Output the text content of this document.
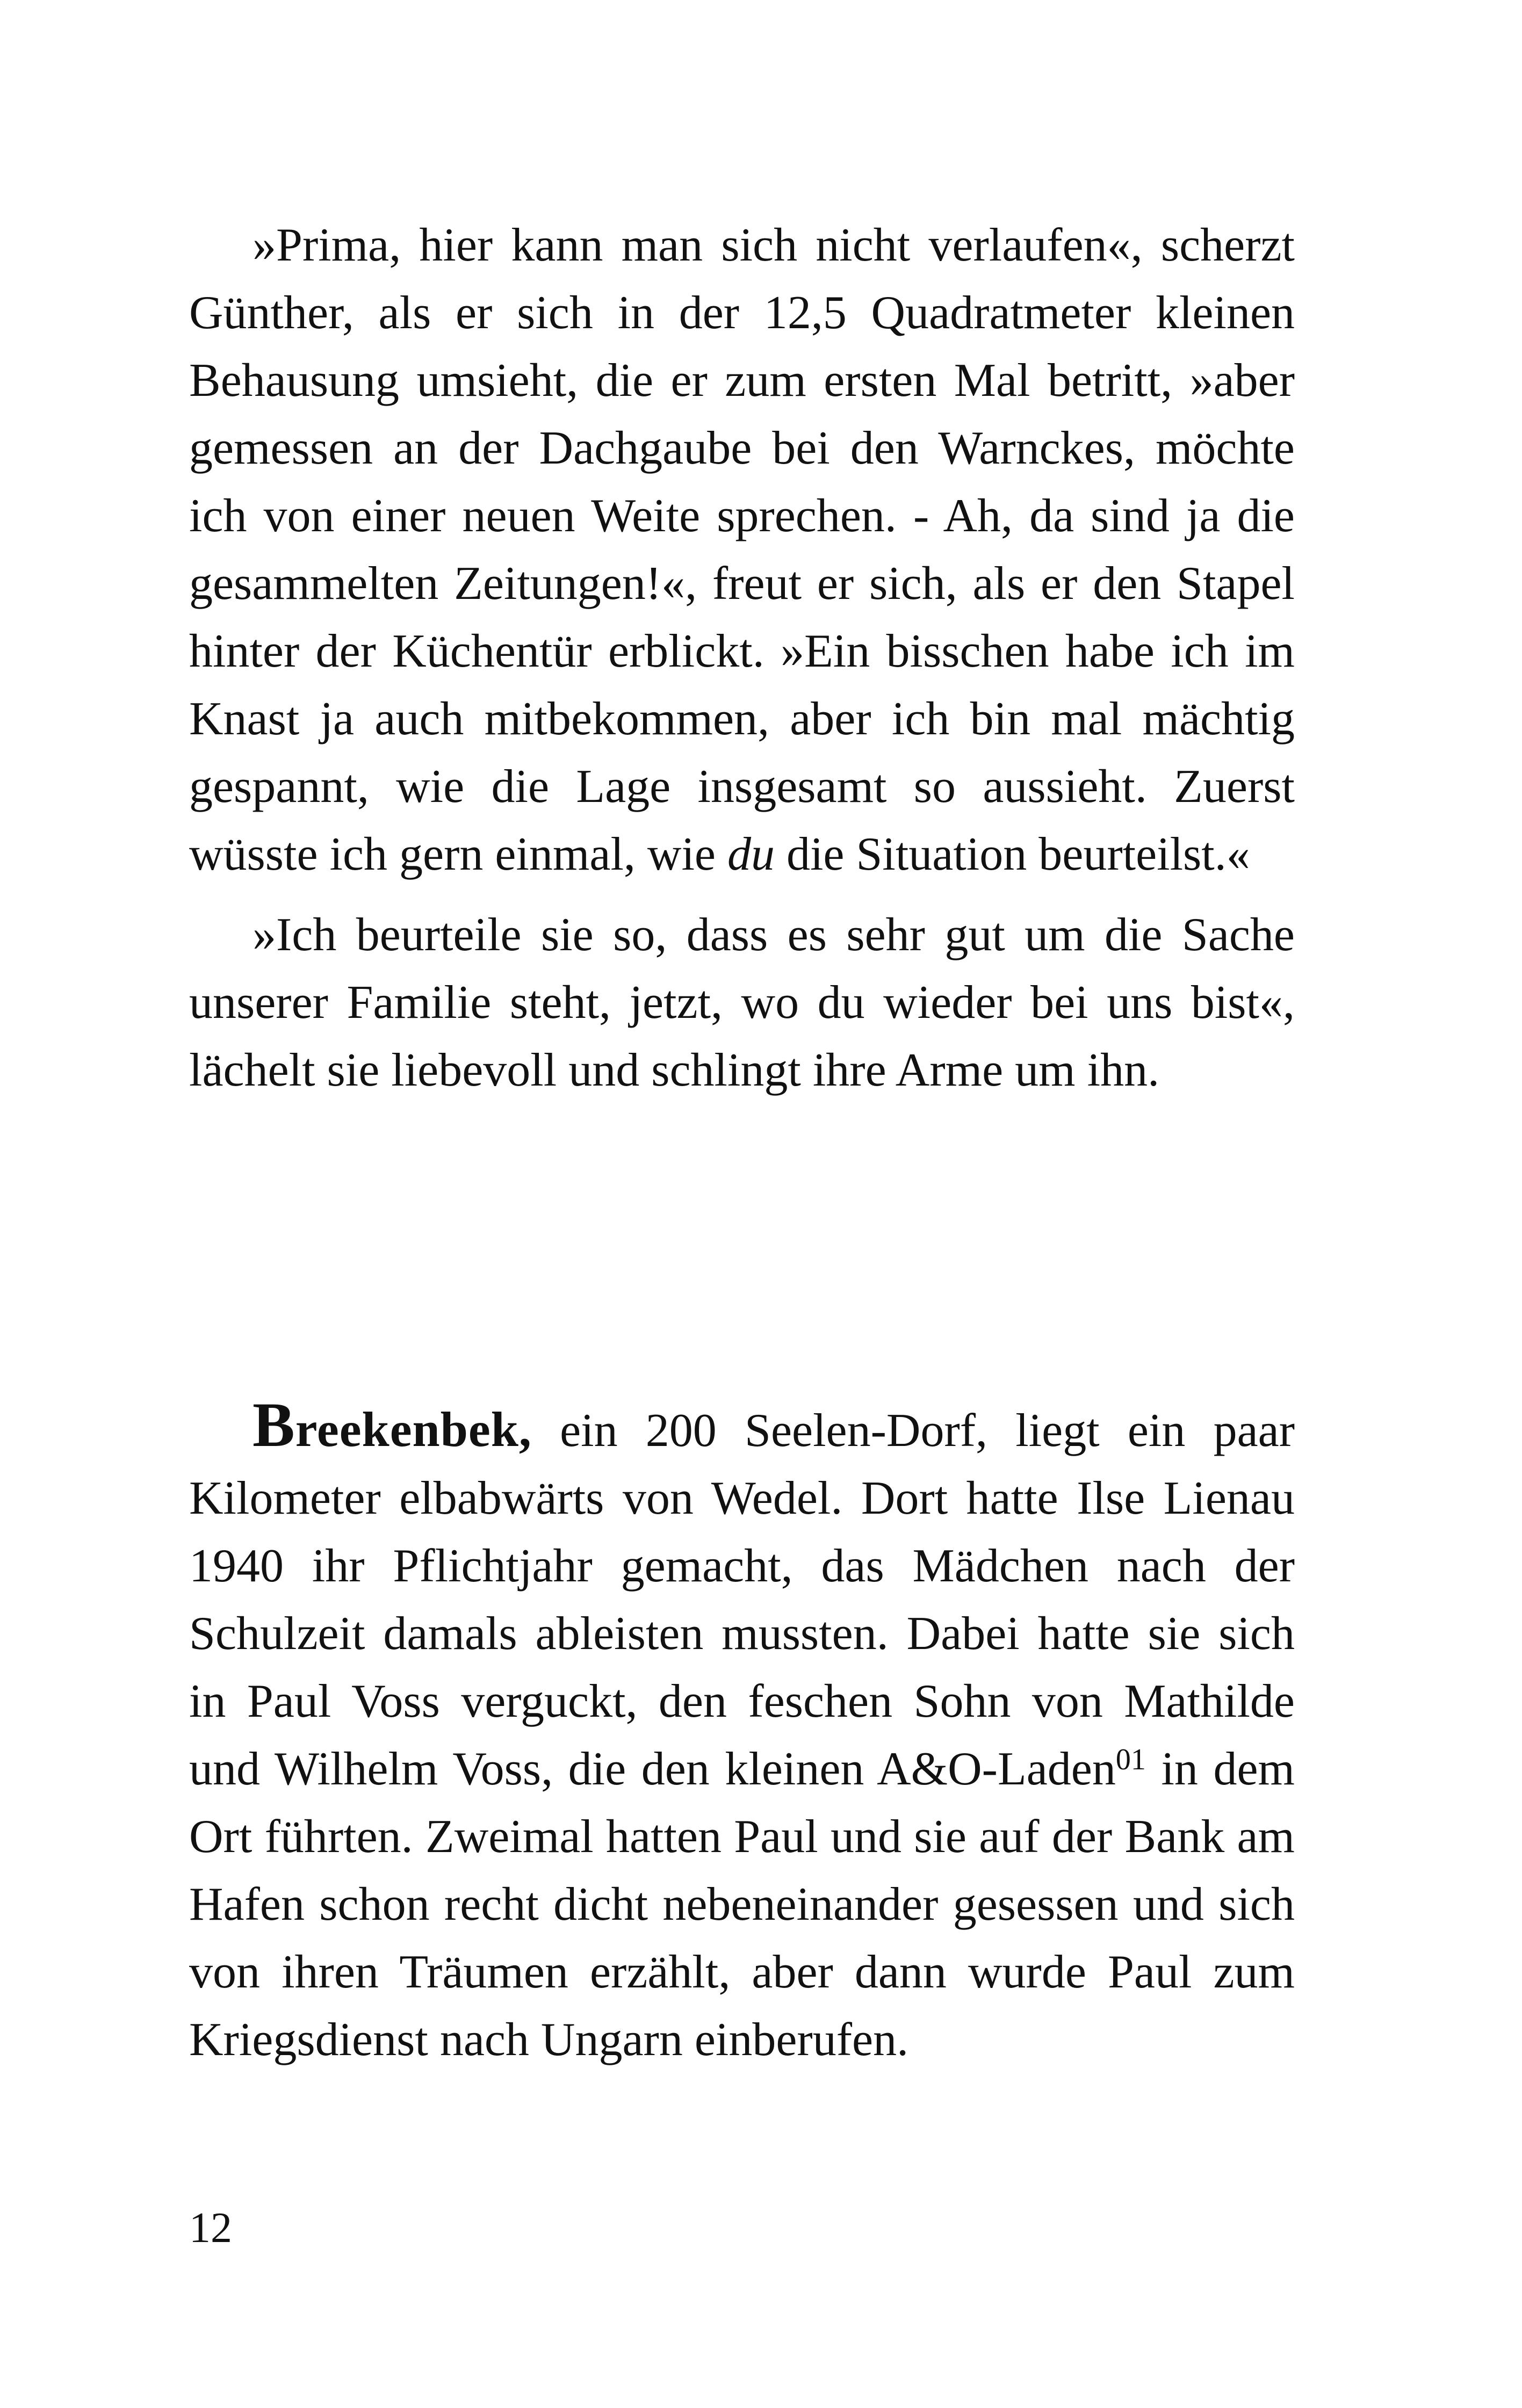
»Prima, hier kann man sich nicht verlaufen«, scherzt Günther, als er sich in der 12,5 Quadratmeter kleinen Behausung umsieht, die er zum ersten Mal betritt, »aber gemessen an der Dachgaube bei den Warnckes, möchte ich von einer neuen Weite sprechen. - Ah, da sind ja die gesammelten Zeitungen!«, freut er sich, als er den Stapel hinter der Küchentür erblickt. »Ein bisschen habe ich im Knast ja auch mitbekommen, aber ich bin mal mächtig gespannt, wie die Lage insgesamt so aussieht. Zuerst wüsste ich gern einmal, wie du die Situation beurteilst.«

»Ich beurteile sie so, dass es sehr gut um die Sache unserer Familie steht, jetzt, wo du wieder bei uns bist«, lächelt sie liebevoll und schlingt ihre Arme um ihn.

Breekenbek, ein 200 Seelen-Dorf, liegt ein paar Kilometer elbabwärts von Wedel. Dort hatte Ilse Lienau 1940 ihr Pflichtjahr gemacht, das Mädchen nach der Schulzeit damals ableisten mussten. Dabei hatte sie sich in Paul Voss verguckt, den feschen Sohn von Mathilde und Wilhelm Voss, die den kleinen A&O-Laden$^{01}$ in dem Ort führten. Zweimal hatten Paul und sie auf der Bank am Hafen schon recht dicht nebeneinander gesessen und sich von ihren Träumen erzählt, aber dann wurde Paul zum Kriegsdienst nach Ungarn einberufen.

12
